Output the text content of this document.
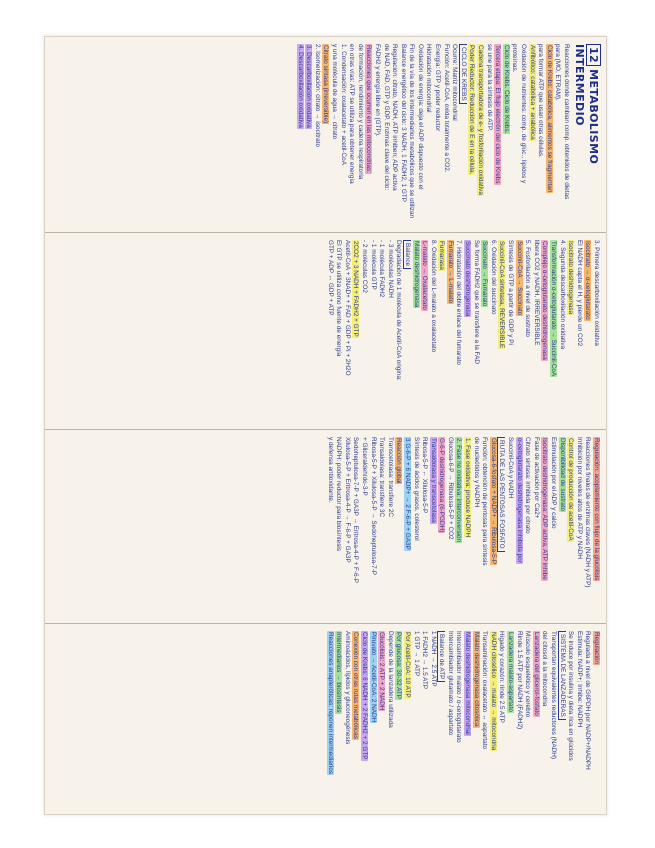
12METABOLISMO INTERMEDIO
Reacciones donde cambian comp. obtenidos de dietas
para (MO, ETRAM).
Ciclo de Krebs: catabólica, alimentos se fragmentan
para formar ATP que usan otras células.
Anfibólico: catabólica + anabólica
Oxidación de nutrientes: comp. de glúc., lípidos y
proteínas.
Ciclo de Krebs. Ciclo de Krebs.
Tercera etapa: El flujo electrón del ciclo de Krebs
se une para la síntesis de ATP.
Cadena transportadora de e- y fosforilación oxidativa
Poder Reductor: Reducción de E en la célula.
CICLO DE KREBS
Ocurre: Matriz mitocondrial
Función: Acetil-CoA, oxida totalmente a CO2.
Energía: GTP y poder reductor
Hidratación mitocondrial
Oxidación de energía: deja el ADP dispuesto con el
Fin de la vía de los intermediarios metabólicos que se utilizan
Balance energético del ciclo: 3 NADH, 1 FADH2, 1 GTP
Regulación: citrato, NADH, ATP inhiben; ADP activa
de NAD, FAD, GTP y GDP. Enzimas clave del ciclo:
FADH2 y energía libre en (GTP).
Reacciones que ocurren en las mitocondrias:
de formación, rendimiento y cadena respiratoria
en otras vías: ATP se utiliza para obtener energía
1. Condensación: oxalacetato + acetil-CoA
y una molécula de agua → citrato
Citrato sintasa (irreversible)
2. Isomerización: citrato → isocitrato
3. Descarboxilación oxidativa
4. Descarboxilación oxidativa
3. Primera descarboxilación oxidativa
Isocitrato → α-cetoglutarato
El NADH capta el H, y pierde un CO2
Isocitrato deshidrogenasa
4. Segunda descarboxilación oxidativa
Transformación α-cetoglutarato → Succinil-CoA
Complejo α-cetoglutarato deshidrogenasa
libera CO2 y NADH, IRREVERSIBLE
5. Fosforilación a nivel de sustrato
Succinil-CoA → Succinato
Síntesis de GTP a partir de GDP y Pi
Succinil-CoA sintetasa, REVERSIBLE
6. Oxidación del succinato
Succinato → Fumarato
Se forma FADH2 que se transfiere a la FAD
Succinato deshidrogenasa
7. Hidratación del doble enlace del fumarato
Fumarato → L-malato
Fumarasa
8. Oxidación del L-malato a oxalacetato
L-malato → Oxalacetato
Malato deshidrogenasa
Balance
Degradación de 1 molécula de Acetil-CoA origina:
- 3 moléculas NADH
- 1 molécula FADH2
- 1 molécula GTP
- 2 moléculas CO2
2CO2 + 3 NADH + FADH2 + GTP
Acetil-CoA + 3NAD+ + FAD + GDP + Pi + 2H2O
El GTP se utiliza como fuente de energía
GTP + ADP ↔ GDP + ATP
Regulación: acoplamiento con flujo de la glucólisis
Reacciones finales de enzimas claves (NADH y ATP)
Inhibición por niveles altos de ATP y NADH
Control de producción de acetil-CoA
Disponibilidad de sustrato
Estimulación por el ADP y calcio
Isocitrato deshidrogenasa: ADP activa, ATP inhibe
Fase de activación por Ca2+
Citrato sintasa: inhibida por citrato
α-cetoglutarato deshidrogenasa inhibida por
Succinil-CoA y NADH
RUTA DE LAS PENTOSAS FOSFATO
Glucosa-6-fosfato + NADP+ → Ribulosa-5-P
Función: obtención de pentosas para síntesis
de nucleótidos y NADPH
1. Fase oxidativa: produce NADPH
2. Fase no oxidativa: interconversión
Glucosa-6-P → Ribulosa-5-P + CO2
G-6-P deshidrogenasa (6-PGDH)
Transaldolasa y transcetolasa
Ribosa-5-P ← Xilulosa-5-P
Síntesis de ácidos grasos, colesterol
3 G-6-P + 6 NADP+ → 2 F-6-P + GA3P
Reacción global
Transcetolasa: transfiere 2C
Transaldolasa: transfiere 3C
Ribosa-5-P + Xilulosa-5-P → Sedoheptulosa-7-P
+ Gliceraldehído-3-P
Sedoheptulosa-7-P + GA3P → Eritrosa-4-P + F-6-P
Xilulosa-5-P + Eritrosa-4-P → F-6-P + GA3P
NADPH: poder reductor para biosíntesis
y defensa antioxidante.
Regulación
Regulada a nivel de G6PDH por NADP+/NADPH
Estimula: NADP+; Inhibe: NADPH
Se induce por insulina y dieta rica en glúcidos
SISTEMA DE LANZADERAS
Transportan equivalentes reductores (NADH)
del citosol a la mitocondria
Lanzadera del glicerol-fosfato
Músculo esquelético y cerebro
Rinde 1.5 ATP por NADH (FADH2)
Lanzadera malato-aspartato
Hígado y corazón: rinde 2.5 ATP
NADH citosólico → malato → mitocondria
Transaminación: oxalacetato ↔ aspartato
Malato deshidrogenasa citosólica
Malato deshidrogenasa mitocondrial
Intercambiador malato / α-cetoglutarato
Intercambiador glutamato / aspartato
Balance de ATP
1 NADH → 2.5 ATP
1 FADH2 → 1.5 ATP
1 GTP → 1 ATP
Por Acetil-CoA: 10 ATP
Por glucosa: 30-32 ATP
Depende de la lanzadera utilizada
Glucólisis: 2 ATP + 2 NADH
Piruvato → Acetil-CoA: 2 NADH
Ciclo de Krebs: 6 NADH + 2 FADH2 + 2 GTP
Conexión con otras rutas metabólicas
Aminoácidos, lípidos y gluconeogénesis
Intermediarios → biosíntesis
Reacciones anapleróticas: reponen intermediarios
